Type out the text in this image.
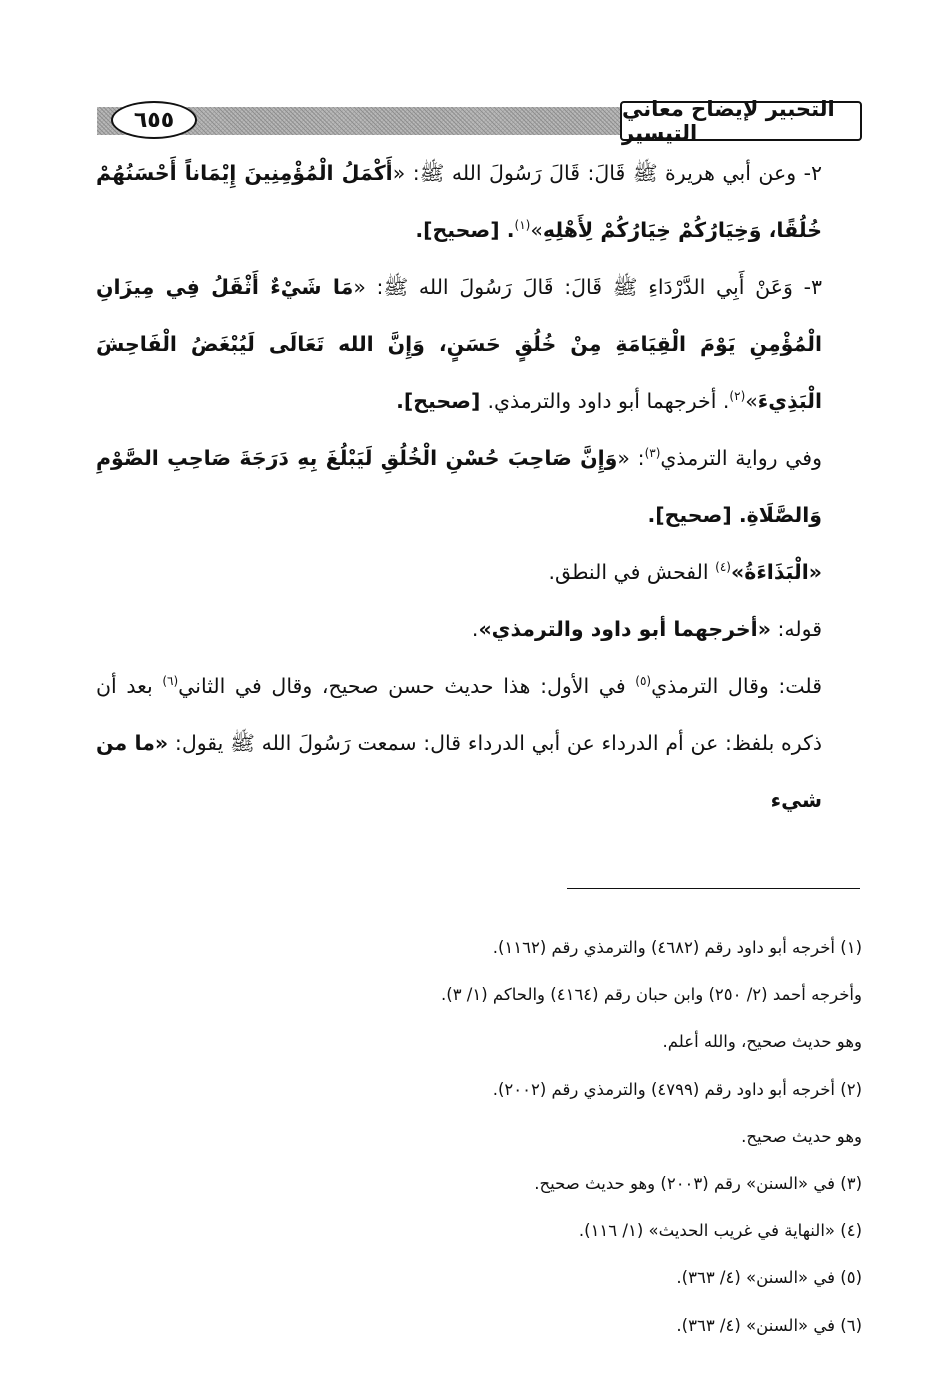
٦٥٥	التحبير لإيضاح معاني التيسير

٢- وعن أبي هريرة ﷺ قَالَ: قَالَ رَسُولَ الله ﷺ: «أَكْمَلُ الْمُؤْمِنِينَ إِيْمَاناً أَحْسَنُهُمْ خُلُقًا، وَخِيَارُكُمْ خِيَارُكُمْ لِأَهْلِهِ»$^{(١)}$. [صحيح].

٣- وَعَنْ أَبِي الدَّرْدَاءِ ﷺ قَالَ: قَالَ رَسُولَ الله ﷺ: «مَا شَيْءٌ أَثْقَلُ فِي مِيزَانِ الْمُؤْمِنِ يَوْمَ الْقِيَامَةِ مِنْ خُلُقٍ حَسَنٍ، وَإِنَّ الله تَعَالَى لَيُبْغَضُ الْفَاحِشَ الْبَذِيءَ»$^{(٢)}$. أخرجهما أبو داود والترمذي. [صحيح].

وفي رواية الترمذي$^{(٣)}$: «وَإِنَّ صَاحِبَ حُسْنِ الْخُلُقِ لَيَبْلُغَ بِهِ دَرَجَةَ صَاحِبِ الصَّوْمِ وَالصَّلَاةِ. [صحيح].

«الْبَذَاءَةُ»$^{(٤)}$ الفحش في النطق.

قوله: «أخرجهما أبو داود والترمذي».

قلت: وقال الترمذي$^{(٥)}$ في الأول: هذا حديث حسن صحيح، وقال في الثاني$^{(٦)}$ بعد أن ذكره بلفظ: عن أم الدرداء عن أبي الدرداء قال: سمعت رَسُولَ الله ﷺ يقول: «ما من شيء

(١) أخرجه أبو داود رقم (٤٦٨٢) والترمذي رقم (١١٦٢).

وأخرجه أحمد (٢/ ٢٥٠) وابن حبان رقم (٤١٦٤) والحاكم (١/ ٣).

وهو حديث صحيح، والله أعلم.

(٢) أخرجه أبو داود رقم (٤٧٩٩) والترمذي رقم (٢٠٠٢).

وهو حديث صحيح.

(٣) في «السنن» رقم (٢٠٠٣) وهو حديث صحيح.

(٤) «النهاية في غريب الحديث» (١/ ١١٦).

(٥) في «السنن» (٤/ ٣٦٣).

(٦) في «السنن» (٤/ ٣٦٣).
